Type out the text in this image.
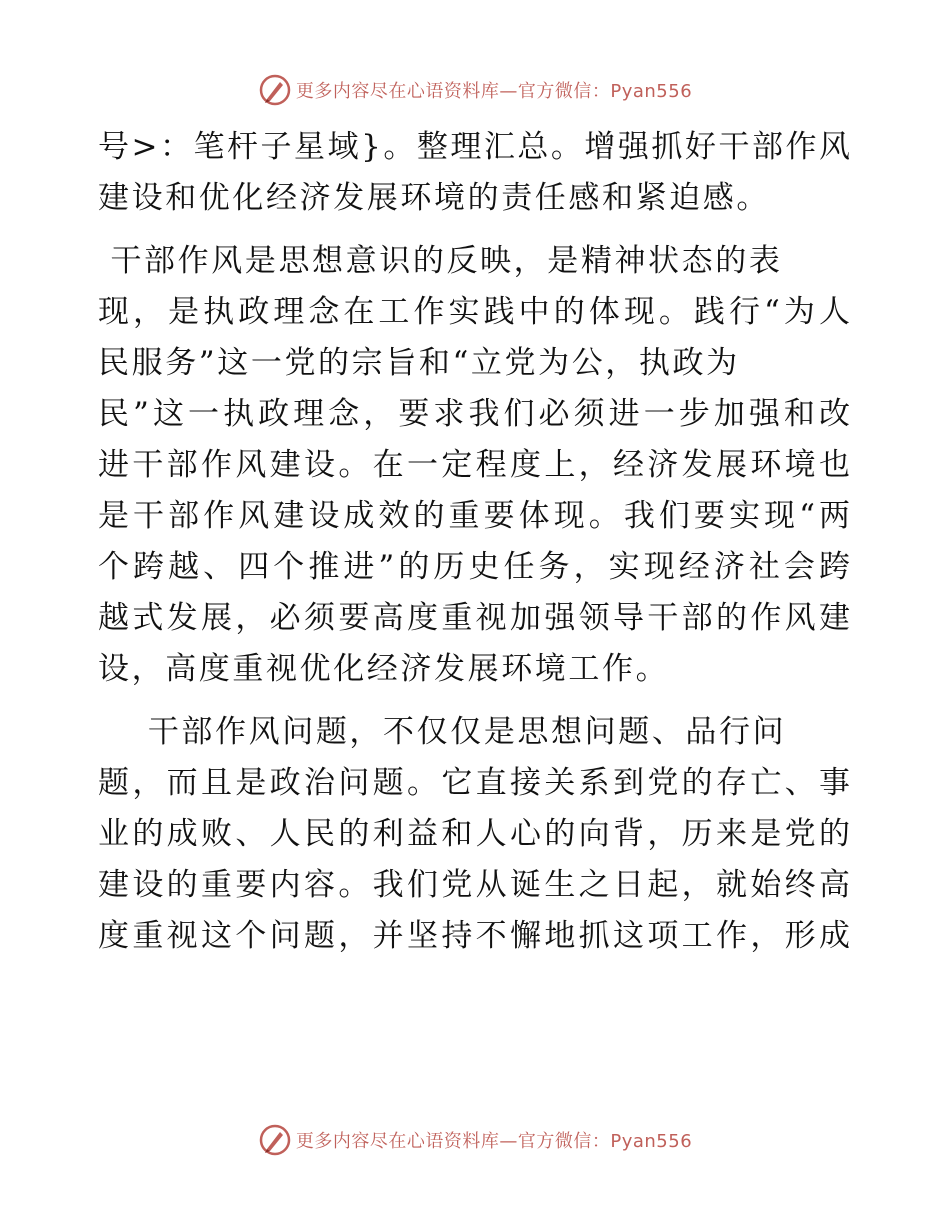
更多内容尽在心语资料库—官方微信：Pyan556
号>：笔杆子星域}。整理汇总。增强抓好干部作风
建设和优化经济发展环境的责任感和紧迫感。
干部作风是思想意识的反映，是精神状态的表
现，是执政理念在工作实践中的体现。践行“为人
民服务”这一党的宗旨和“立党为公，执政为
民”这一执政理念，要求我们必须进一步加强和改
进干部作风建设。在一定程度上，经济发展环境也
是干部作风建设成效的重要体现。我们要实现“两
个跨越、四个推进”的历史任务，实现经济社会跨
越式发展，必须要高度重视加强领导干部的作风建
设，高度重视优化经济发展环境工作。
干部作风问题，不仅仅是思想问题、品行问
题，而且是政治问题。它直接关系到党的存亡、事
业的成败、人民的利益和人心的向背，历来是党的
建设的重要内容。我们党从诞生之日起，就始终高
度重视这个问题，并坚持不懈地抓这项工作，形成
更多内容尽在心语资料库—官方微信：Pyan556
